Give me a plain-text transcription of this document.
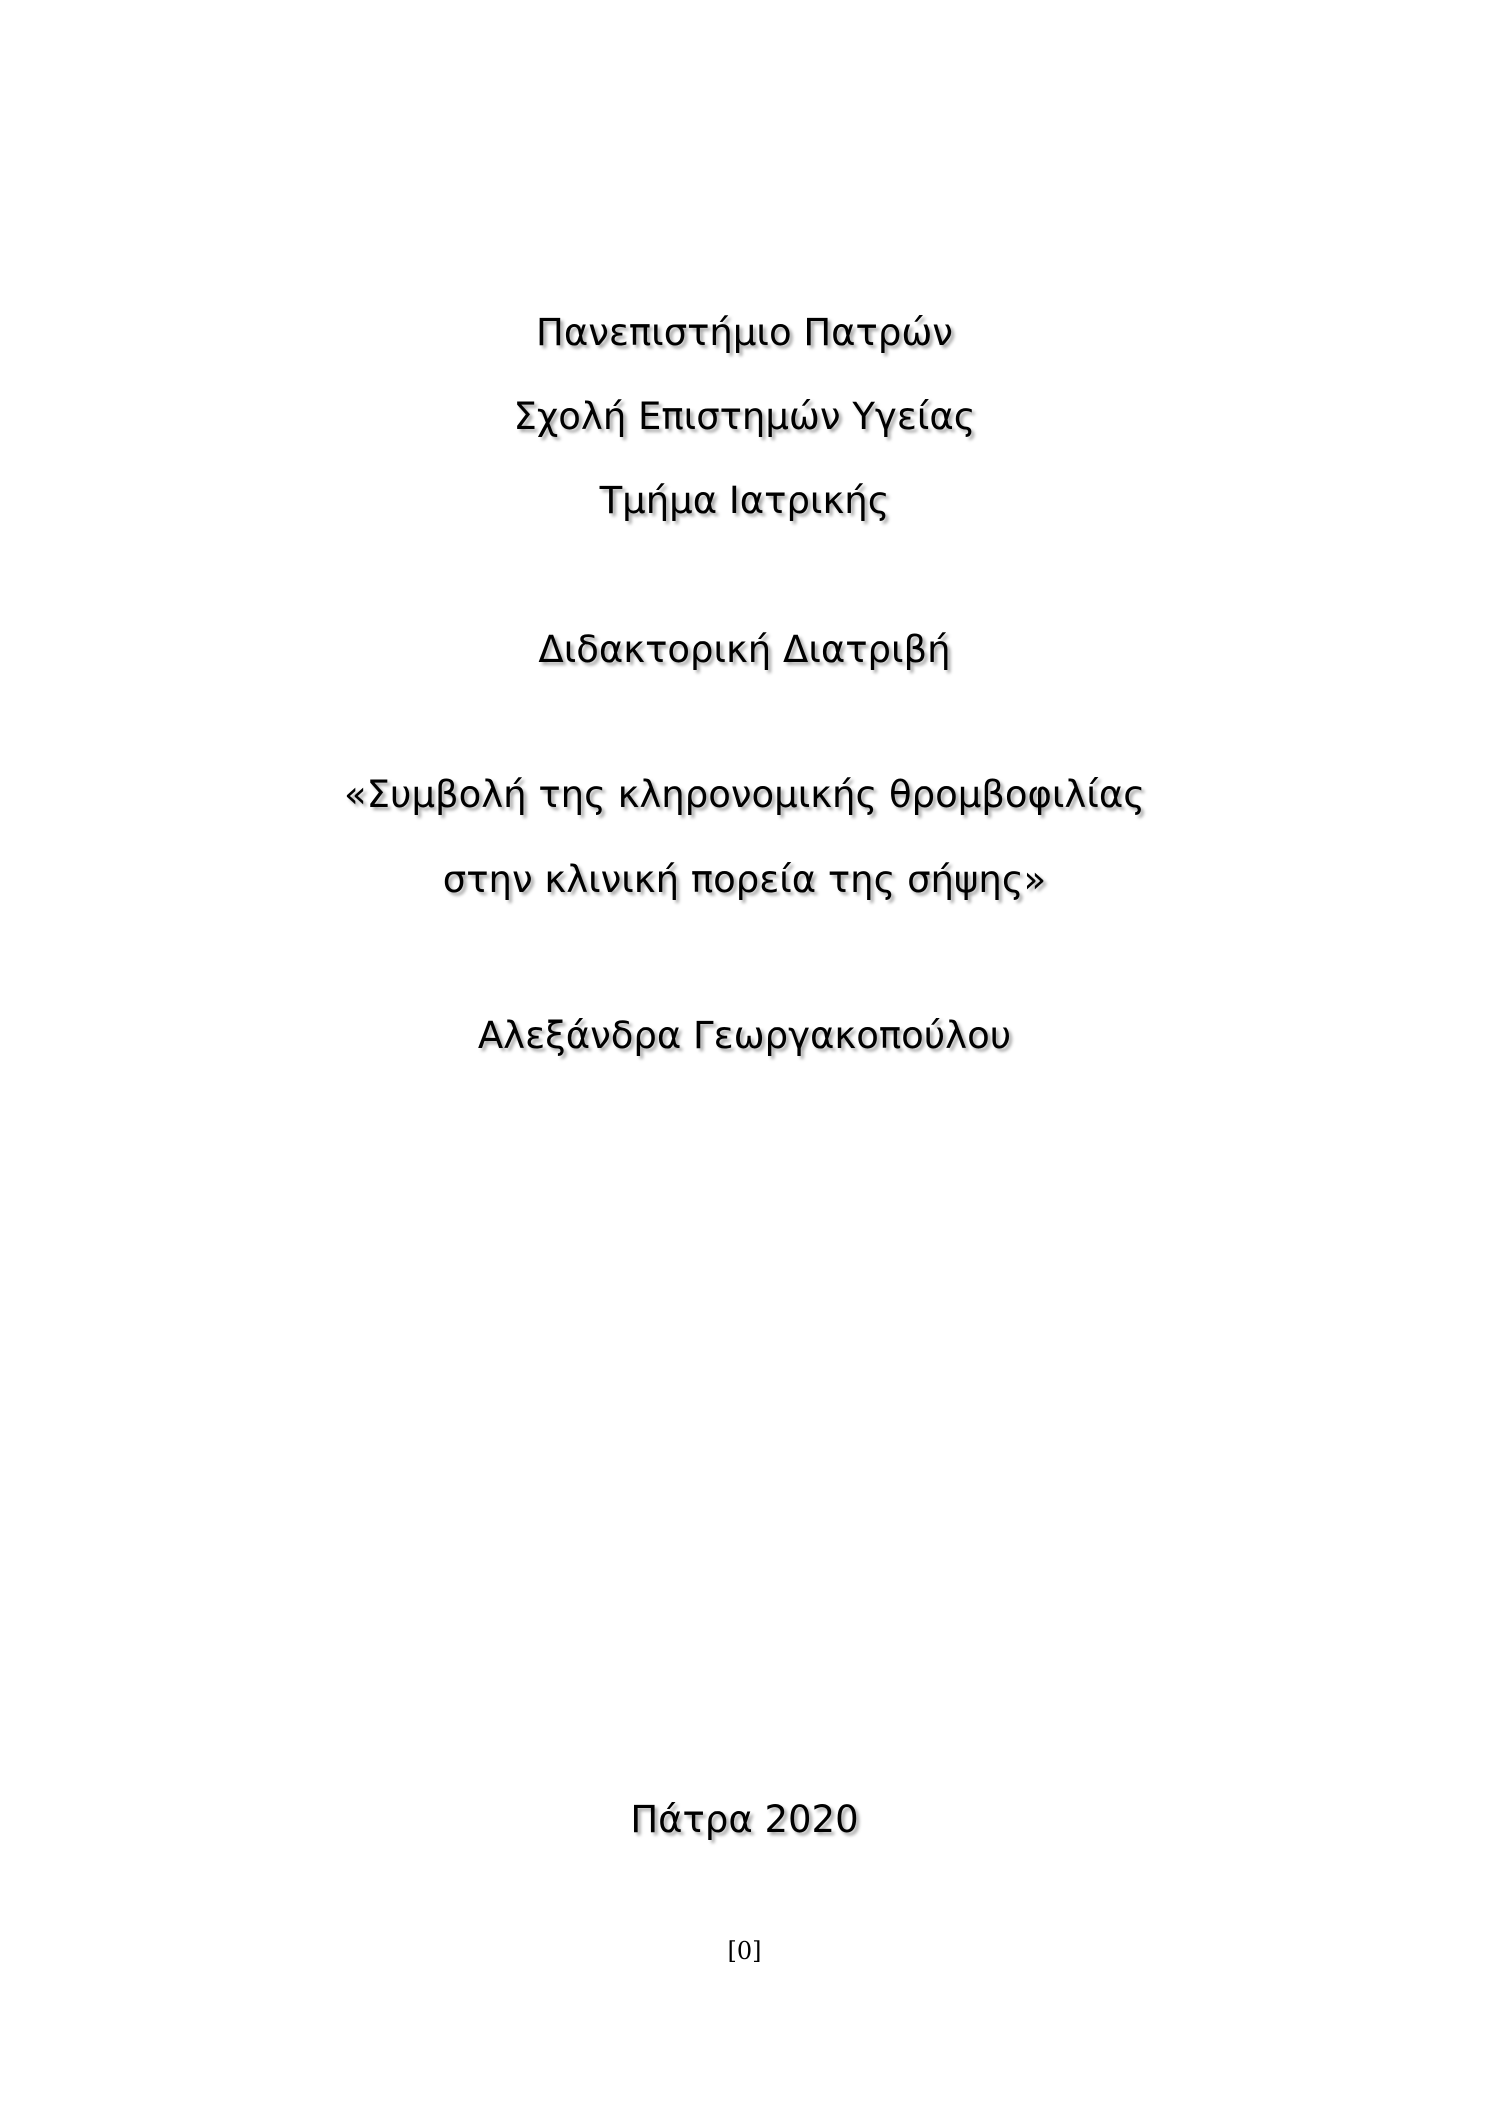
Πανεπιστήμιο Πατρών
Σχολή Επιστημών Υγείας
Τμήμα Ιατρικής
Διδακτορική Διατριβή
«Συμβολή της κληρονομικής θρομβοφιλίας
στην κλινική πορεία της σήψης»
Αλεξάνδρα Γεωργακοπούλου
Πάτρα 2020
[0]
